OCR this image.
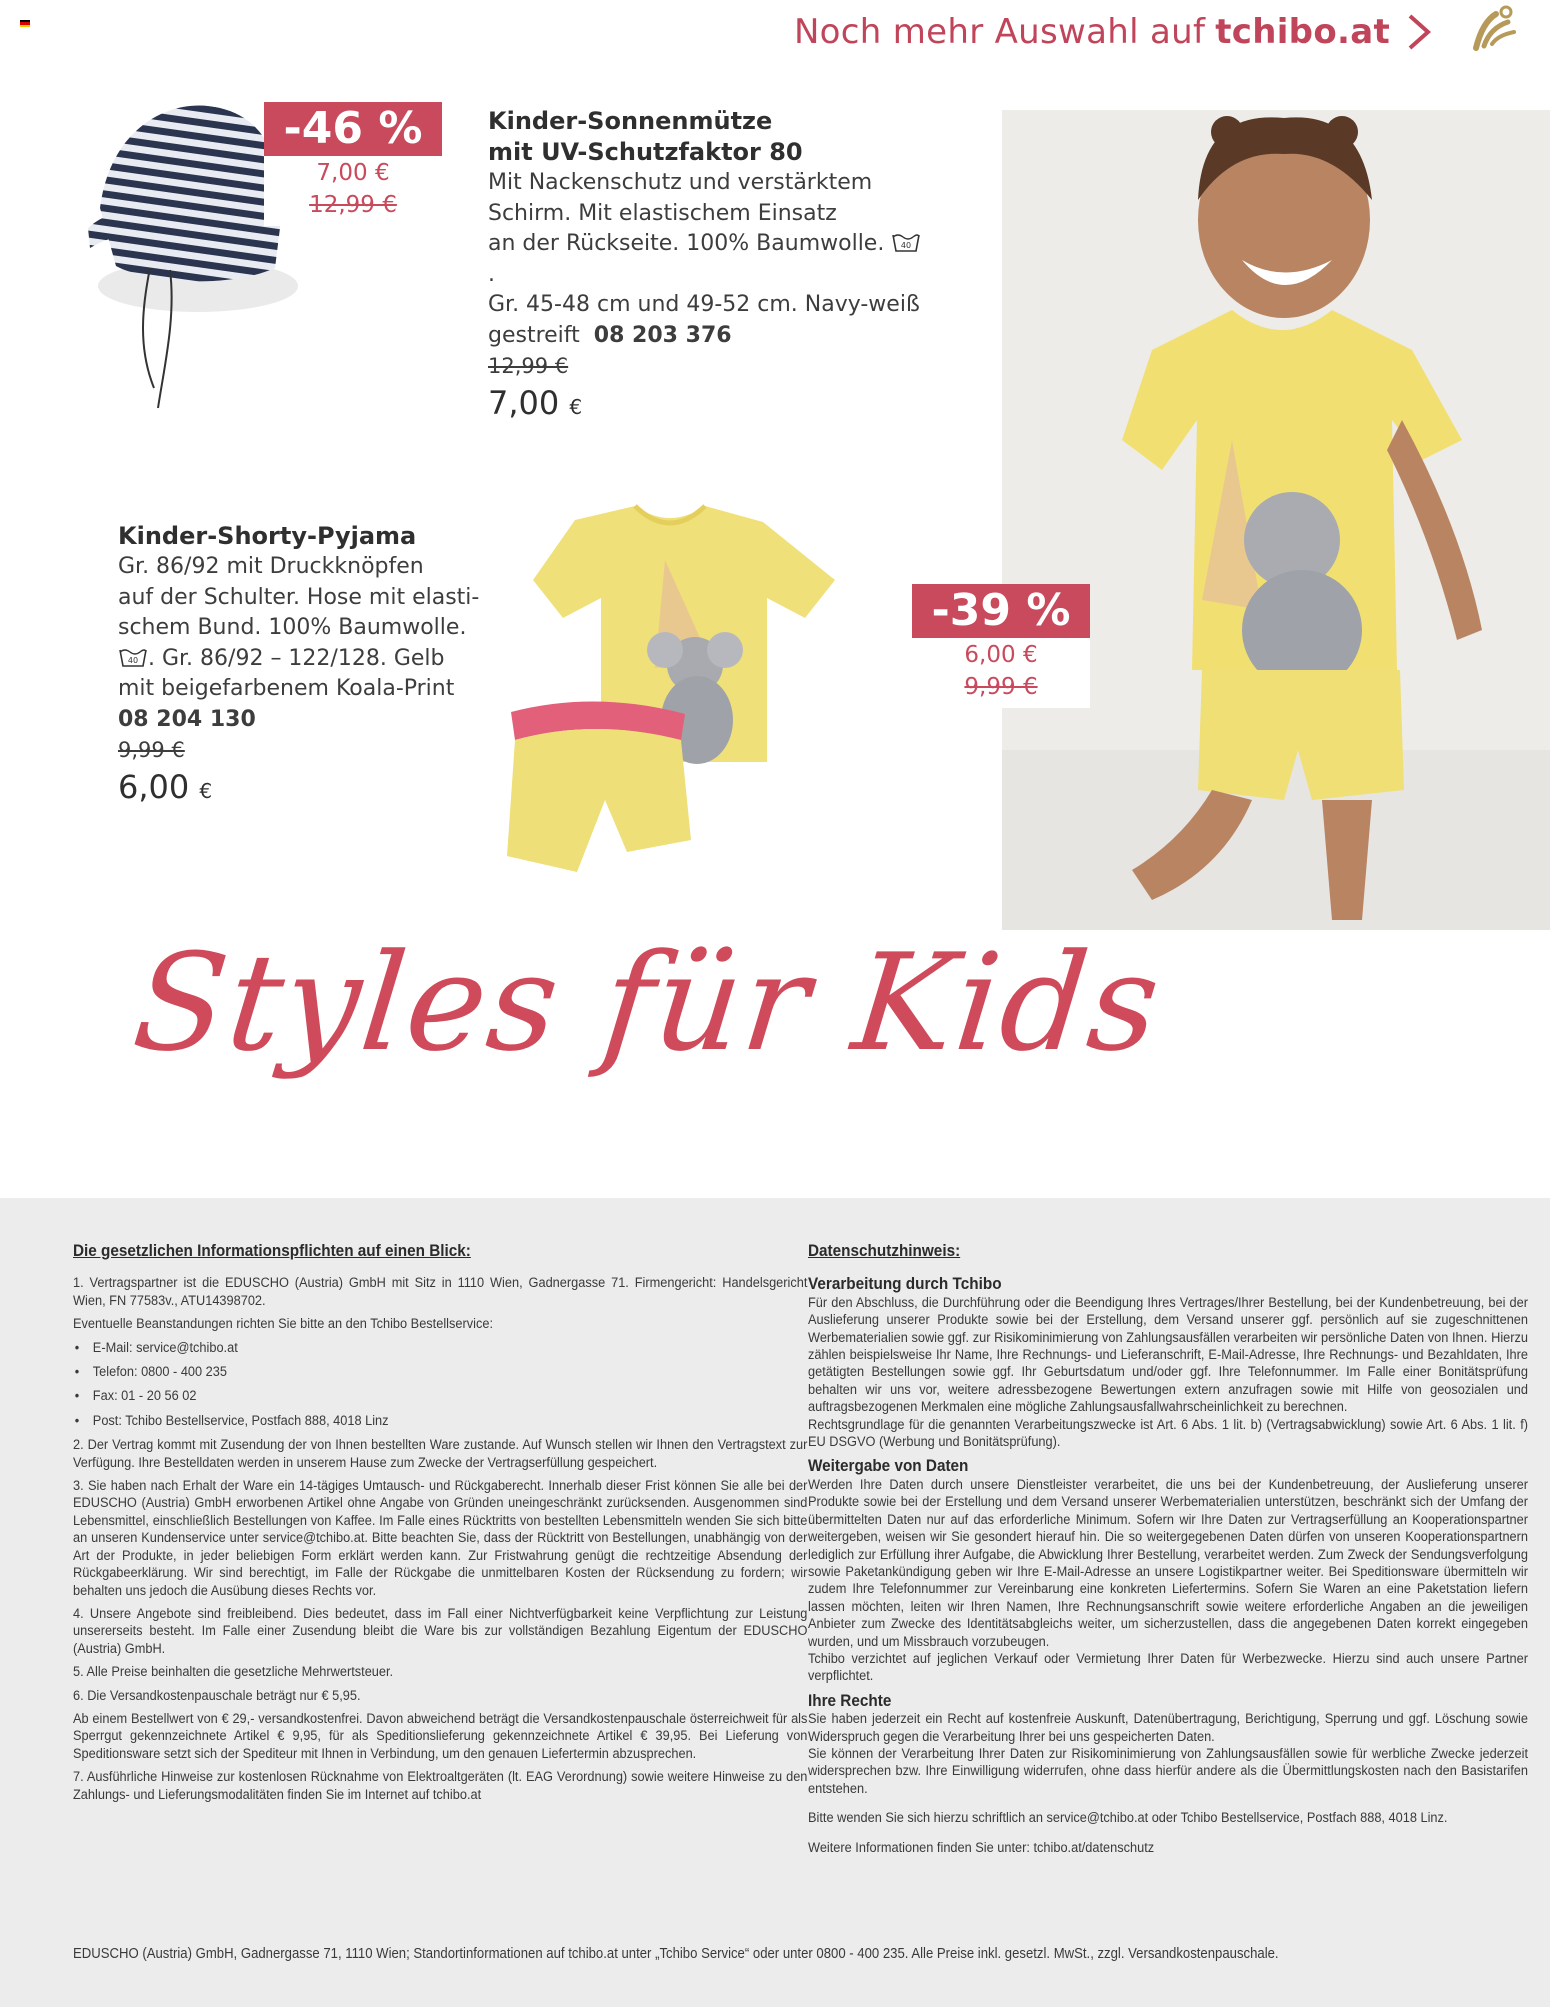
Noch mehr Auswahl auf tchibo.at
-46 %
7,00 €
12,99 €
Kinder-Sonnenmütze
mit UV-Schutzfaktor 80
Mit Nackenschutz und verstärktem
Schirm. Mit elastischem Einsatz
an der Rückseite. 100% Baumwolle. 40
.
Gr. 45-48 cm und 49-52 cm. Navy-weiß
gestreift 08 203 376
12,99 €
7,00 €
Kinder-Shorty-Pyjama
Gr. 86/92 mit Druckknöpfen
auf der Schulter. Hose mit elasti-
schem Bund. 100% Baumwolle.
40 . Gr. 86/92 – 122/128. Gelb
mit beigefarbenem Koala-Print
08 204 130
9,99 €
6,00 €
-39 %
6,00 €
9,99 €
Styles für Kids
Die gesetzlichen Informationspflichten auf einen Blick:

1. Vertragspartner ist die EDUSCHO (Austria) GmbH mit Sitz in 1110 Wien, Gadnergasse 71. Firmengericht: Handelsgericht Wien, FN 77583v., ATU14398702.

Eventuelle Beanstandungen richten Sie bitte an den Tchibo Bestellservice:

• E-Mail: service@tchibo.at
• Telefon: 0800 - 400 235
• Fax: 01 - 20 56 02
• Post: Tchibo Bestellservice, Postfach 888, 4018 Linz

2. Der Vertrag kommt mit Zusendung der von Ihnen bestellten Ware zustande. Auf Wunsch stellen wir Ihnen den Vertragstext zur Verfügung. Ihre Bestelldaten werden in unserem Hause zum Zwecke der Vertragserfüllung gespeichert.

3. Sie haben nach Erhalt der Ware ein 14-tägiges Umtausch- und Rückgaberecht. Innerhalb dieser Frist können Sie alle bei der EDUSCHO (Austria) GmbH erworbenen Artikel ohne Angabe von Gründen uneingeschränkt zurücksenden. Ausgenommen sind Lebensmittel, einschließlich Bestellungen von Kaffee. Im Falle eines Rücktritts von bestellten Lebensmitteln wenden Sie sich bitte an unseren Kundenservice unter service@tchibo.at. Bitte beachten Sie, dass der Rücktritt von Bestellungen, unabhängig von der Art der Produkte, in jeder beliebigen Form erklärt werden kann. Zur Fristwahrung genügt die rechtzeitige Absendung der Rückgabeerklärung. Wir sind berechtigt, im Falle der Rückgabe die unmittelbaren Kosten der Rücksendung zu fordern; wir behalten uns jedoch die Ausübung dieses Rechts vor.

4. Unsere Angebote sind freibleibend. Dies bedeutet, dass im Fall einer Nichtverfügbarkeit keine Verpflichtung zur Leistung unsererseits besteht. Im Falle einer Zusendung bleibt die Ware bis zur vollständigen Bezahlung Eigentum der EDUSCHO (Austria) GmbH.

5. Alle Preise beinhalten die gesetzliche Mehrwertsteuer.

6. Die Versandkostenpauschale beträgt nur € 5,95.

Ab einem Bestellwert von € 29,- versandkostenfrei. Davon abweichend beträgt die Versandkostenpauschale österreichweit für als Sperrgut gekennzeichnete Artikel € 9,95, für als Speditionslieferung gekennzeichnete Artikel € 39,95. Bei Lieferung von Speditionsware setzt sich der Spediteur mit Ihnen in Verbindung, um den genauen Liefertermin abzusprechen.

7. Ausführliche Hinweise zur kostenlosen Rücknahme von Elektroaltgeräten (lt. EAG Verordnung) sowie weitere Hinweise zu den Zahlungs- und Lieferungsmodalitäten finden Sie im Internet auf tchibo.at

Datenschutzhinweis:
Verarbeitung durch Tchibo

Für den Abschluss, die Durchführung oder die Beendigung Ihres Vertrages/Ihrer Bestellung, bei der Kundenbetreuung, bei der Auslieferung unserer Produkte sowie bei der Erstellung, dem Versand unserer ggf. persönlich auf sie zugeschnittenen Werbematerialien sowie ggf. zur Risikominimierung von Zahlungsausfällen verarbeiten wir persönliche Daten von Ihnen. Hierzu zählen beispielsweise Ihr Name, Ihre Rechnungs- und Lieferanschrift, E-Mail-Adresse, Ihre Rechnungs- und Bezahldaten, Ihre getätigten Bestellungen sowie ggf. Ihr Geburtsdatum und/oder ggf. Ihre Telefonnummer. Im Falle einer Bonitätsprüfung behalten wir uns vor, weitere adressbezogene Bewertungen extern anzufragen sowie mit Hilfe von geosozialen und auftragsbezogenen Merkmalen eine mögliche Zahlungsausfallwahrscheinlichkeit zu berechnen.

Rechtsgrundlage für die genannten Verarbeitungszwecke ist Art. 6 Abs. 1 lit. b) (Vertragsabwicklung) sowie Art. 6 Abs. 1 lit. f) EU DSGVO (Werbung und Bonitätsprüfung).

Weitergabe von Daten

Werden Ihre Daten durch unsere Dienstleister verarbeitet, die uns bei der Kundenbetreuung, der Auslieferung unserer Produkte sowie bei der Erstellung und dem Versand unserer Werbematerialien unterstützen, beschränkt sich der Umfang der übermittelten Daten nur auf das erforderliche Minimum. Sofern wir Ihre Daten zur Vertragserfüllung an Kooperationspartner weitergeben, weisen wir Sie gesondert hierauf hin. Die so weitergegebenen Daten dürfen von unseren Kooperationspartnern lediglich zur Erfüllung ihrer Aufgabe, die Abwicklung Ihrer Bestellung, verarbeitet werden. Zum Zweck der Sendungsverfolgung sowie Paketankündigung geben wir Ihre E-Mail-Adresse an unsere Logistikpartner weiter. Bei Speditionsware übermitteln wir zudem Ihre Telefonnummer zur Vereinbarung eine konkreten Liefertermins. Sofern Sie Waren an eine Paketstation liefern lassen möchten, leiten wir Ihren Namen, Ihre Rechnungsanschrift sowie weitere erforderliche Angaben an die jeweiligen Anbieter zum Zwecke des Identitätsabgleichs weiter, um sicherzustellen, dass die angegebenen Daten korrekt eingegeben wurden, und um Missbrauch vorzubeugen.

Tchibo verzichtet auf jeglichen Verkauf oder Vermietung Ihrer Daten für Werbezwecke. Hierzu sind auch unsere Partner verpflichtet.

Ihre Rechte

Sie haben jederzeit ein Recht auf kostenfreie Auskunft, Datenübertragung, Berichtigung, Sperrung und ggf. Löschung sowie Widerspruch gegen die Verarbeitung Ihrer bei uns gespeicherten Daten.

Sie können der Verarbeitung Ihrer Daten zur Risikominimierung von Zahlungsausfällen sowie für werbliche Zwecke jederzeit widersprechen bzw. Ihre Einwilligung widerrufen, ohne dass hierfür andere als die Übermittlungskosten nach den Basistarifen entstehen.

Bitte wenden Sie sich hierzu schriftlich an service@tchibo.at oder Tchibo Bestellservice, Postfach 888, 4018 Linz.

Weitere Informationen finden Sie unter: tchibo.at/datenschutz

EDUSCHO (Austria) GmbH, Gadnergasse 71, 1110 Wien; Standortinformationen auf tchibo.at unter „Tchibo Service“ oder unter 0800 - 400 235. Alle Preise inkl. gesetzl. MwSt., zzgl. Versandkostenpauschale.
